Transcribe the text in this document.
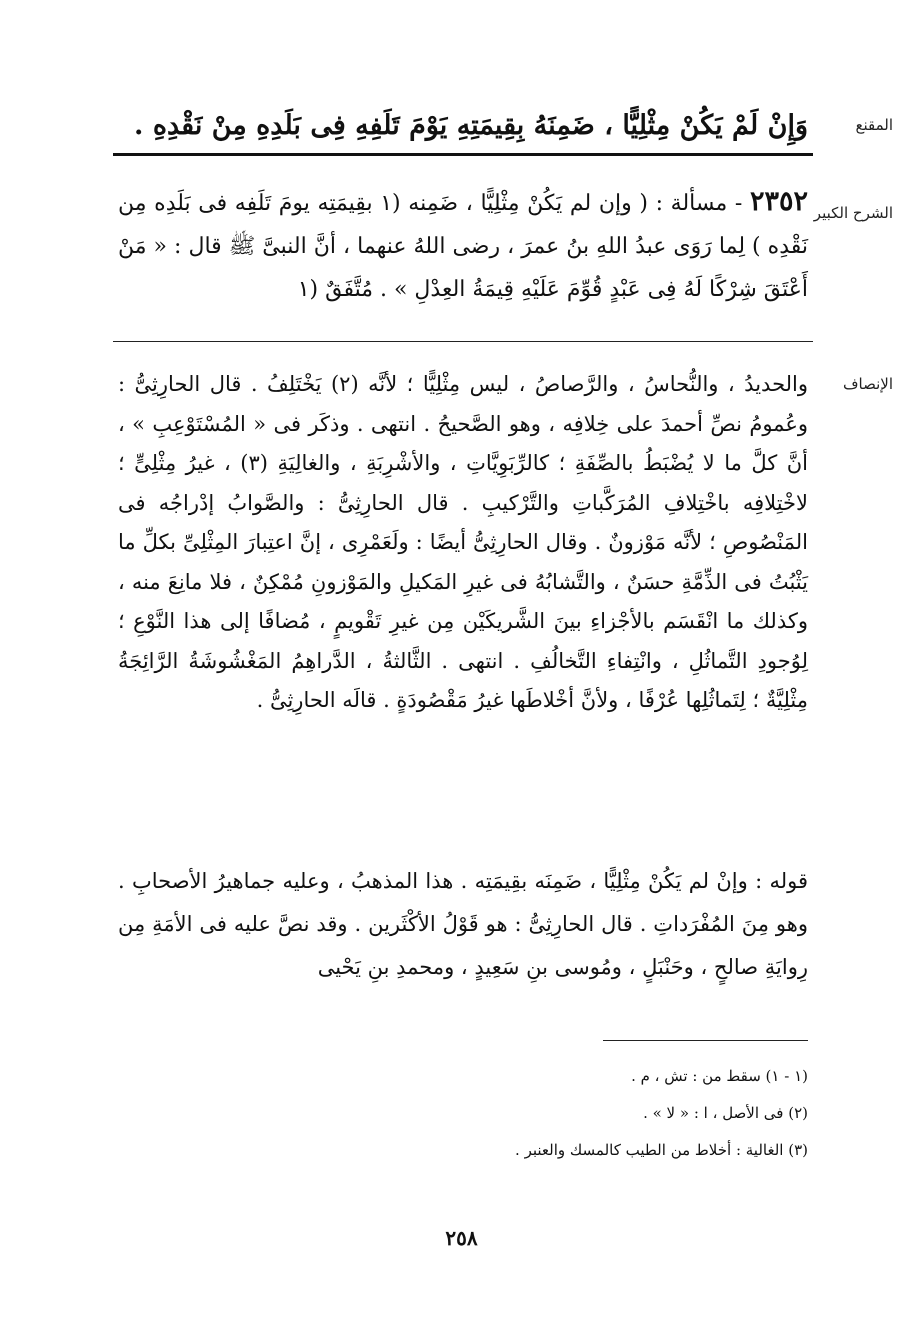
المقنع
وَإِنْ لَمْ يَكُنْ مِثْلِيًّا ، ضَمِنَهُ بِقِيمَتِهِ يَوْمَ تَلَفِهِ فِى بَلَدِهِ مِنْ نَقْدِهِ .
الشرح الكبير
٢٣٥٢ - مسألة : ( وإن لم يَكُنْ مِثْلِيًّا ، ضَمِنه (١ بقِيمَتِه يومَ تَلَفِه فى بَلَدِه مِن نَقْدِه ) لِما رَوَى عبدُ اللهِ بنُ عمرَ ، رضى اللهُ عنهما ، أنَّ النبىَّ ﷺ قال : « مَنْ أَعْتَقَ شِرْكًا لَهُ فِى عَبْدٍ قُوِّمَ عَلَيْهِ قِيمَةُ العِدْلِ » . مُتَّفَقٌ (١
الإنصاف
والحديدُ ، والنُّحاسُ ، والرَّصاصُ ، ليس مِثْلِيًّا ؛ لأنَّه (٢) يَخْتَلِفُ . قال الحارِثِىُّ : وعُمومُ نصِّ أحمدَ على خِلافِه ، وهو الصَّحيحُ . انتهى . وذكَر فى « المُسْتَوْعِبِ » ، أنَّ كلَّ ما لا يُضْبَطُ بالصِّفَةِ ؛ كالرِّبَوِيَّاتِ ، والأشْرِبَةِ ، والغالِيَةِ (٣) ، غيرُ مِثْلِىٍّ ؛ لاخْتِلافِه باخْتِلافِ المُرَكَّباتِ والتَّرْكيبِ . قال الحارِثِىُّ : والصَّوابُ إدْراجُه فى المَنْصُوصِ ؛ لأنَّه مَوْزونٌ . وقال الحارِثِىُّ أيضًا : ولَعَمْرِى ، إنَّ اعتِبارَ المِثْلِىِّ بكلِّ ما يَثْبُتُ فى الذِّمَّةِ حسَنٌ ، والتَّشابُهُ فى غيرِ المَكيلِ والمَوْزونِ مُمْكِنٌ ، فلا مانِعَ منه ، وكذلك ما انْقَسَم بالأجْزاءِ بينَ الشَّريكَيْن مِن غيرِ تَقْويمٍ ، مُضافًا إلى هذا النَّوْعِ ؛ لِوُجودِ التَّماثُلِ ، وانْتِفاءِ التَّخالُفِ . انتهى . الثَّالثةُ ، الدَّراهِمُ المَغْشُوشَةُ الرَّائِجَةُ مِثْلِيَّةٌ ؛ لِتَماثُلِها عُرْفًا ، ولأنَّ أخْلاطَها غيرُ مَقْصُودَةٍ . قالَه الحارِثِىُّ .
قوله : وإنْ لم يَكُنْ مِثْلِيًّا ، ضَمِنَه بقِيمَتِه . هذا المذهبُ ، وعليه جماهيرُ الأصحابِ . وهو مِنَ المُفْرَداتِ . قال الحارِثِىُّ : هو قَوْلُ الأكْثَرين . وقد نصَّ عليه فى الأمَةِ مِن رِوايَةِ صالحٍ ، وحَنْبَلٍ ، ومُوسى بنِ سَعِيدٍ ، ومحمدِ بنِ يَحْيى
(١ - ١) سقط من : تش ، م .
(٢) فى الأصل ، ا : « لا » .
(٣) الغالية : أخلاط من الطيب كالمسك والعنبر .
٢٥٨
